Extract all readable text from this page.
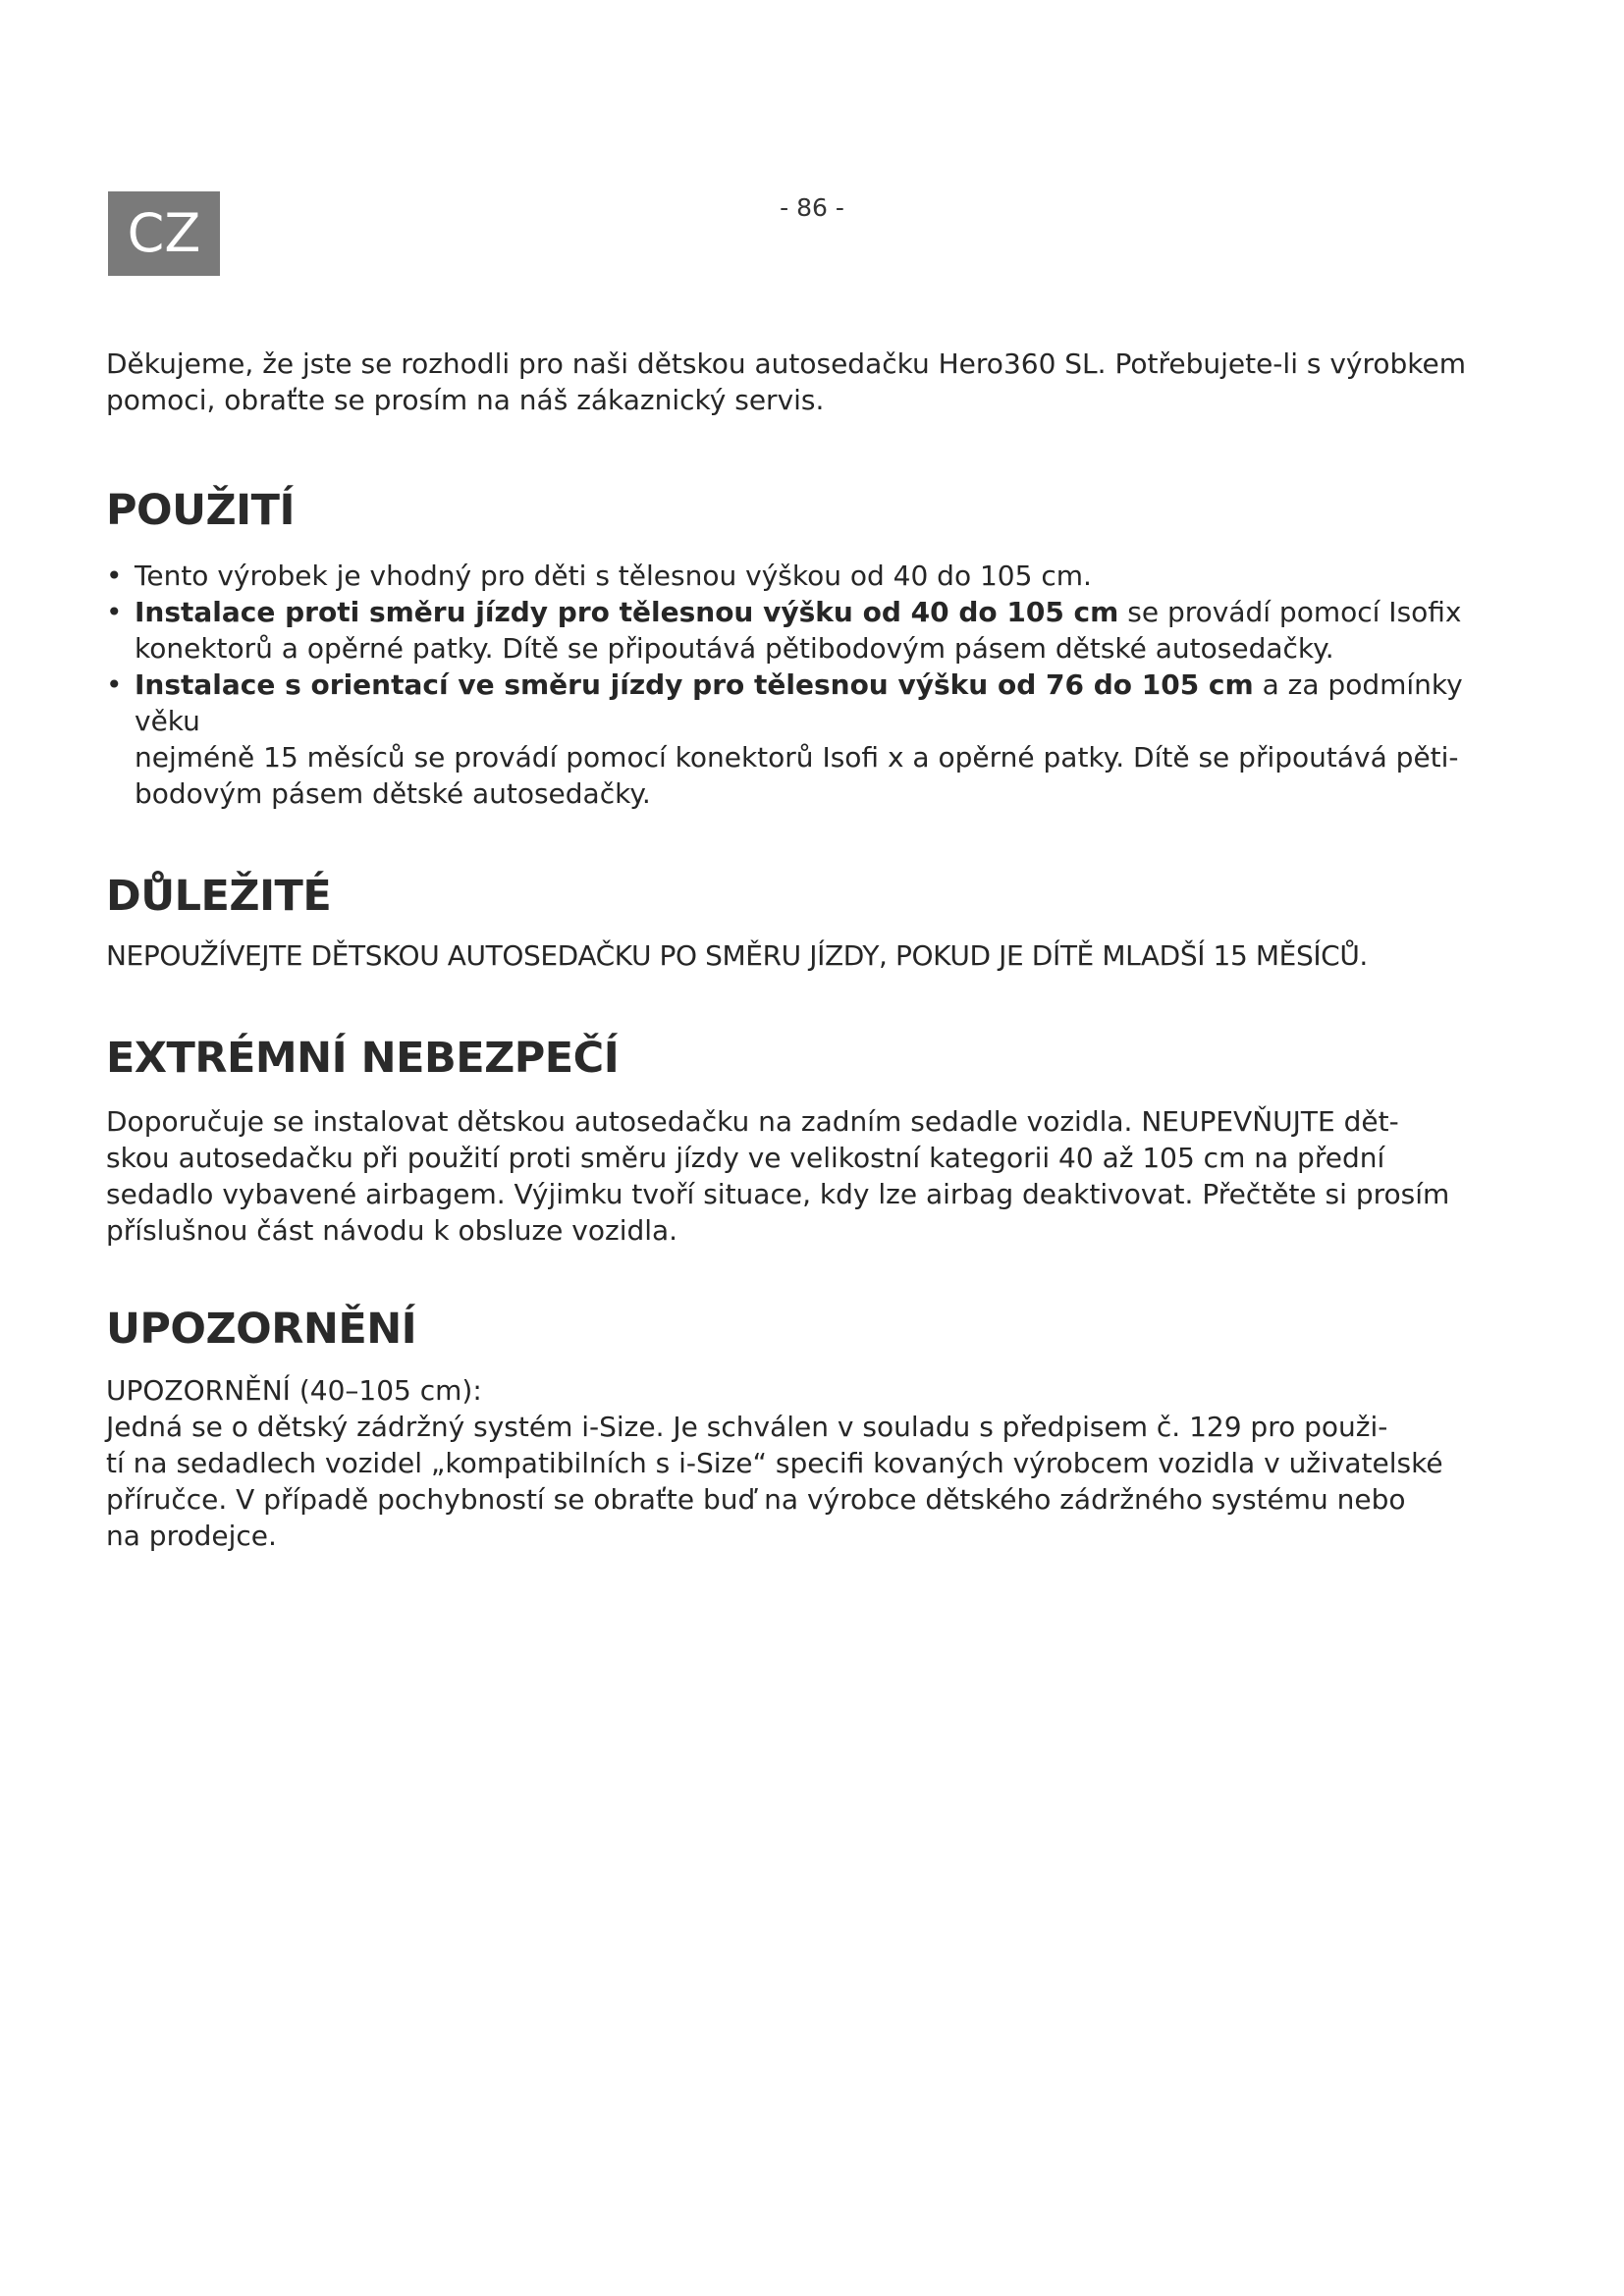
CZ	- 86 -

Děkujeme, že jste se rozhodli pro naši dětskou autosedačku Hero360 SL. Potřebujete-li s výrobkem

pomoci, obraťte se prosím na náš zákaznický servis.

POUŽITÍ
• Tento výrobek je vhodný pro děti s tělesnou výškou od 40 do 105 cm.
• Instalace proti směru jízdy pro tělesnou výšku od 40 do 105 cm se provádí pomocí Isofix
konektorů a opěrné patky. Dítě se připoutává pětibodovým pásem dětské autosedačky.
• Instalace s orientací ve směru jízdy pro tělesnou výšku od 76 do 105 cm a za podmínky věku
nejméně 15 měsíců se provádí pomocí konektorů Isofi x a opěrné patky. Dítě se připoutává pěti-
bodovým pásem dětské autosedačky.
DŮLEŽITÉ

NEPOUŽÍVEJTE DĚTSKOU AUTOSEDAČKU PO SMĚRU JÍZDY, POKUD JE DÍTĚ MLADŠÍ 15 MĚSÍCŮ.

EXTRÉMNÍ NEBEZPEČÍ

Doporučuje se instalovat dětskou autosedačku na zadním sedadle vozidla. NEUPEVŇUJTE dět-

skou autosedačku při použití proti směru jízdy ve velikostní kategorii 40 až 105 cm na přední

sedadlo vybavené airbagem. Výjimku tvoří situace, kdy lze airbag deaktivovat. Přečtěte si prosím

příslušnou část návodu k obsluze vozidla.

UPOZORNĚNÍ

UPOZORNĚNÍ (40–105 cm):

Jedná se o dětský zádržný systém i-Size. Je schválen v souladu s předpisem č. 129 pro použi-

tí na sedadlech vozidel „kompatibilních s i-Size“ specifi kovaných výrobcem vozidla v uživatelské

příručce. V případě pochybností se obraťte buď na výrobce dětského zádržného systému nebo

na prodejce.
